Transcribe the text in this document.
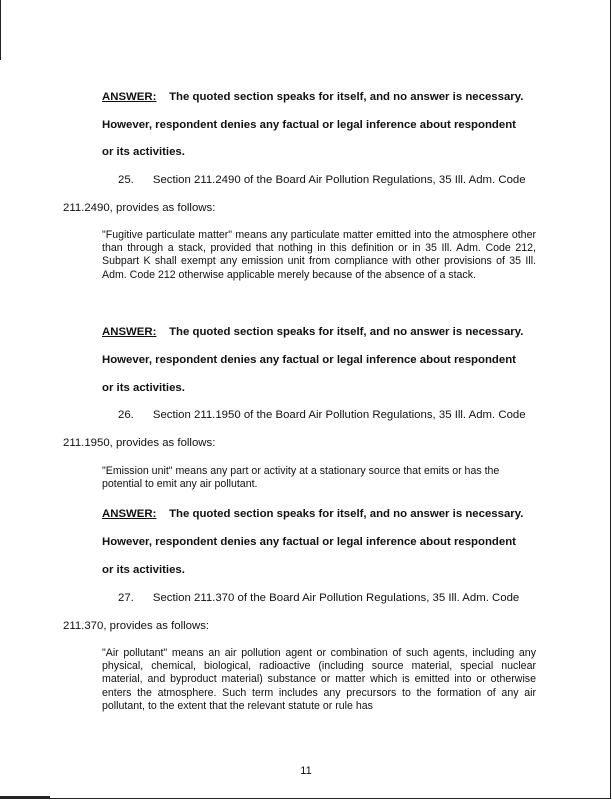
ANSWER: The quoted section speaks for itself, and no answer is necessary.
However, respondent denies any factual or legal inference about respondent
or its activities.
25. Section 211.2490 of the Board Air Pollution Regulations, 35 Ill. Adm. Code
211.2490, provides as follows:
"Fugitive particulate matter" means any particulate matter emitted into the atmosphere other than through a stack, provided that nothing in this definition or in 35 Ill. Adm. Code 212, Subpart K shall exempt any emission unit from compliance with other provisions of 35 Ill. Adm. Code 212 otherwise applicable merely because of the absence of a stack.
ANSWER: The quoted section speaks for itself, and no answer is necessary.
However, respondent denies any factual or legal inference about respondent
or its activities.
26. Section 211.1950 of the Board Air Pollution Regulations, 35 Ill. Adm. Code
211.1950, provides as follows:
"Emission unit" means any part or activity at a stationary source that emits or has the potential to emit any air pollutant.
ANSWER: The quoted section speaks for itself, and no answer is necessary.
However, respondent denies any factual or legal inference about respondent
or its activities.
27. Section 211.370 of the Board Air Pollution Regulations, 35 Ill. Adm. Code
211.370, provides as follows:
"Air pollutant" means an air pollution agent or combination of such agents, including any physical, chemical, biological, radioactive (including source material, special nuclear material, and byproduct material) substance or matter which is emitted into or otherwise enters the atmosphere. Such term includes any precursors to the formation of any air pollutant, to the extent that the relevant statute or rule has
11
